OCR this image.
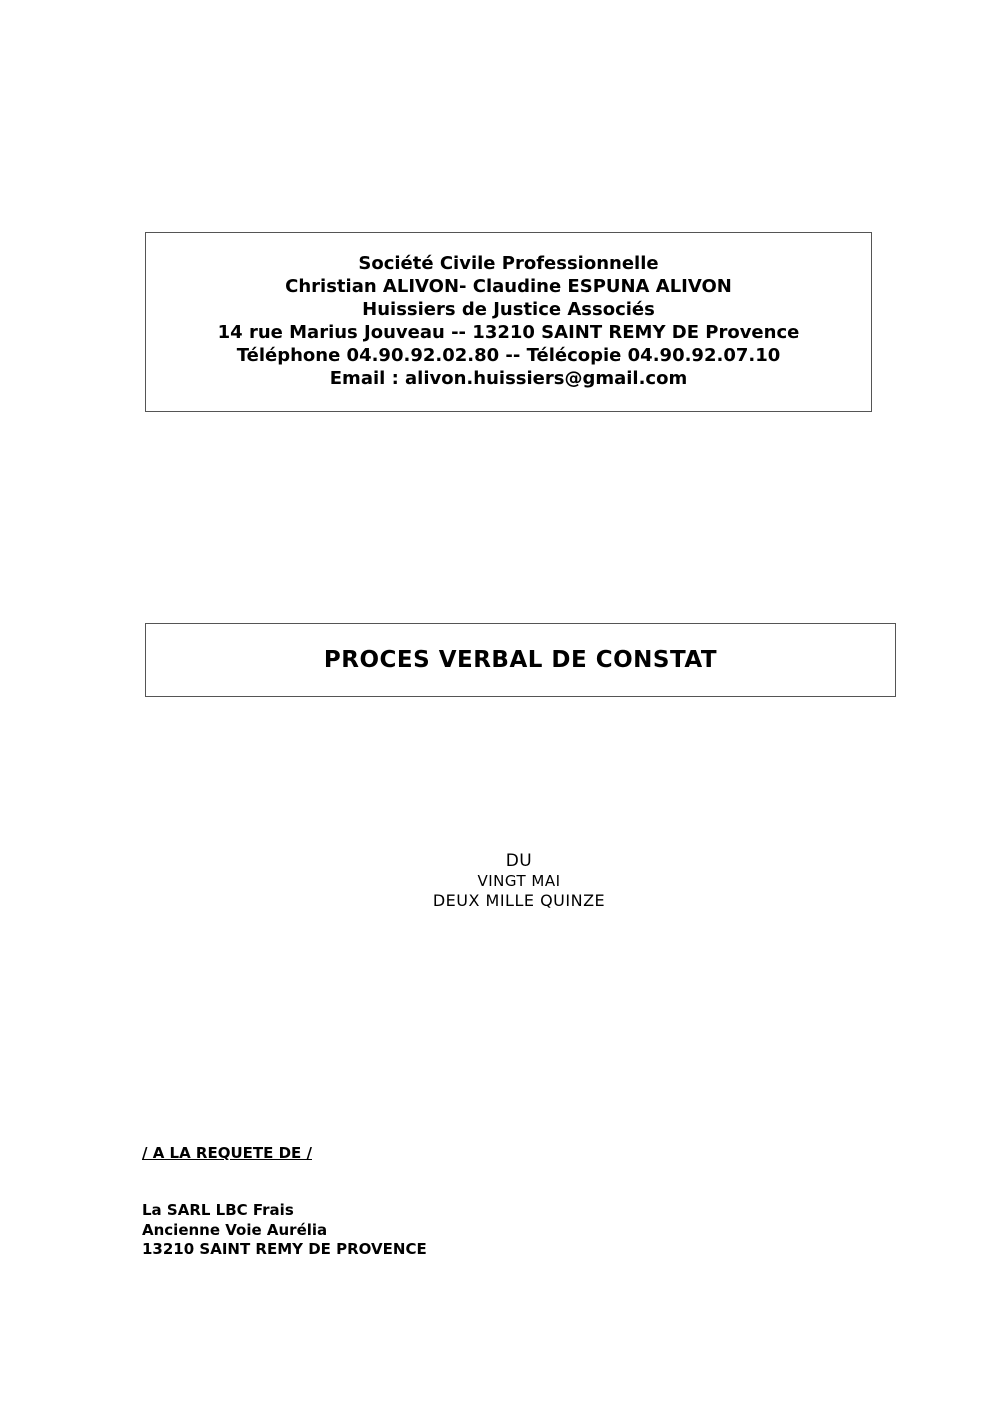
Société Civile Professionnelle
Christian ALIVON- Claudine ESPUNA ALIVON
Huissiers de Justice Associés
14 rue Marius Jouveau -- 13210 SAINT REMY DE Provence
Téléphone 04.90.92.02.80 -- Télécopie 04.90.92.07.10
Email : alivon.huissiers@gmail.com
PROCES VERBAL DE CONSTAT
DU
VINGT MAI
DEUX MILLE QUINZE
/ A LA REQUETE DE /
La SARL LBC Frais
Ancienne Voie Aurélia
13210 SAINT REMY DE PROVENCE
